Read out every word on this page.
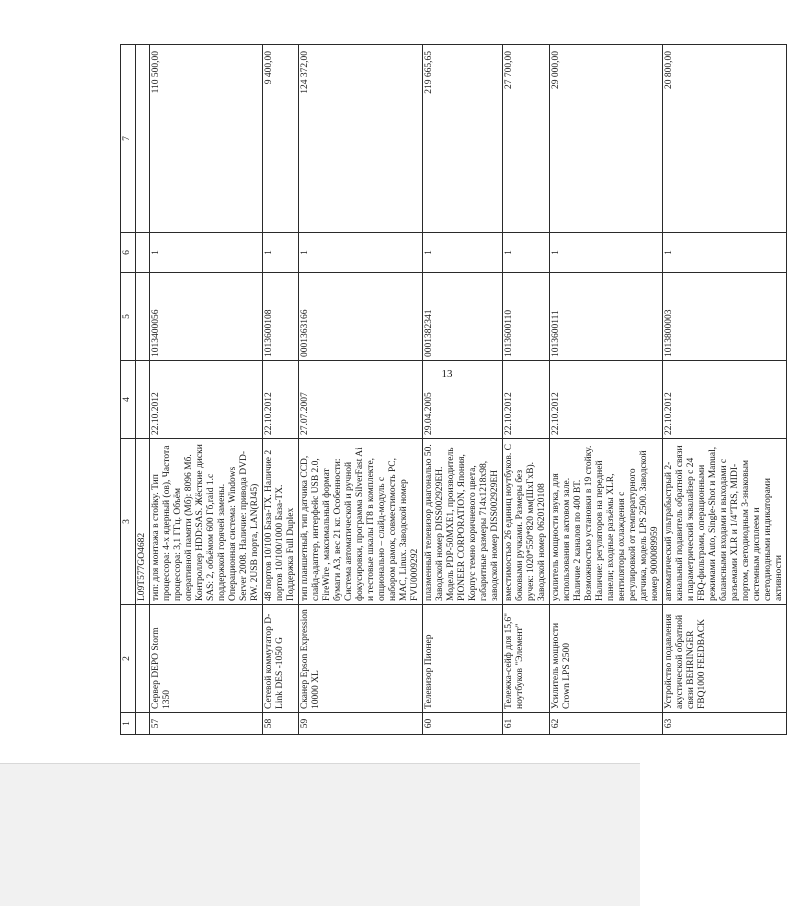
13
1	2	3	4	5	6	7
		L09T577GO4682				
57	Сервер DEPO Storm 1350	тип: для монтажа в стойку. Тип процессора: 4-х ядерный (ов), Частота процессора: 3,1 ГГц. Объём оперативной памяти (Мб): 8096 Мб. Контроллер HDD:SAS. Жёсткие диски SAS: 2, объёмом 600 Гб,raid 1.с поддержкой горячей замены. Операционная система: Windows Server 2008. Наличие: привода DVD-RW. 2USB порта, LAN(RJ45)	22.10.2012	1013400056	1	110 500,00
58	Сетевой коммутатор D-Link DES -1050 G	48 портов 10/100 База-TX. Наличие 2 портов 10/100/1000 База-TX. Поддержка Full Duplex	22.10.2012	1013600108	1	9 400,00
59	Сканер Epson Expression 10000 XL	тип планшетный, тип датчика CCD, слайд-адаптер, интерфейс USB 2.0, FireWire , максимальный формат бумаги А3, вес 21 кг. Особенности: Система автоматической и ручной фокусировки, программа SilverFast Ai и тестовые шкалы IT8 в комплекте, опционально – слайд-модуль с набором рамок, совместимость PC, MAC, Linux. Заводской номер FVU0009292	27.07.2007	0001363166	1	124 372,00
60	Телевизор Пионер	плазменный телевизор диагональю 50. Заводской номер DISS002929EH. Модель PDP-50MXE1, производитель PIONEER CORPORATION, Япония, Корпус темно коричневого цвета, габаритные размеры 714х1218х98, заводской номер DISS002929EH	29.04.2005	0001382341	1	219 665,65
61	Тележка-сейф для 15,6" ноутбуков "Элемент"	вместимостью 26 единиц ноутбуков. С боковыми ручками. Размеры без ручек: 1020*550*820 мм(ШхГхВ). Заводской номер 0620120108	22.10.2012	1013600110	1	27 700,00
62	Усилитель мощности Crown LPS 2500	усилитель мощности звука, для использования в актовом зале. Наличие 2 каналов по 400 ВТ. Возможностью установки в 19 стойку. Наличие: регуляторов на передней панели; входные разъёмы XLR, вентиляторы охлаждения с регулировкой от температурного датчика, модель LPS 2500. Заводской номер 9000089959	22.10.2012	1013600111	1	29 000,00
63	Устройство подавления акустической обратной связи BEHRINGER FBQ1000 FEEDBACK	автоматический ультрабыстрый 2-канальный подавитель обратной связи и параметрический эквалайзер с 24 FBQ-фильтрами, операционными режимами Auto, Single-Shot и Manual, балансными входами и выходами с разъемами XLR и 1/4"TRS, MIDI-портом, светодиодным 3-знаковым системным дисплеем и светодиодными индикаторами активности	22.10.2012	1013800003	1	20 800,00
